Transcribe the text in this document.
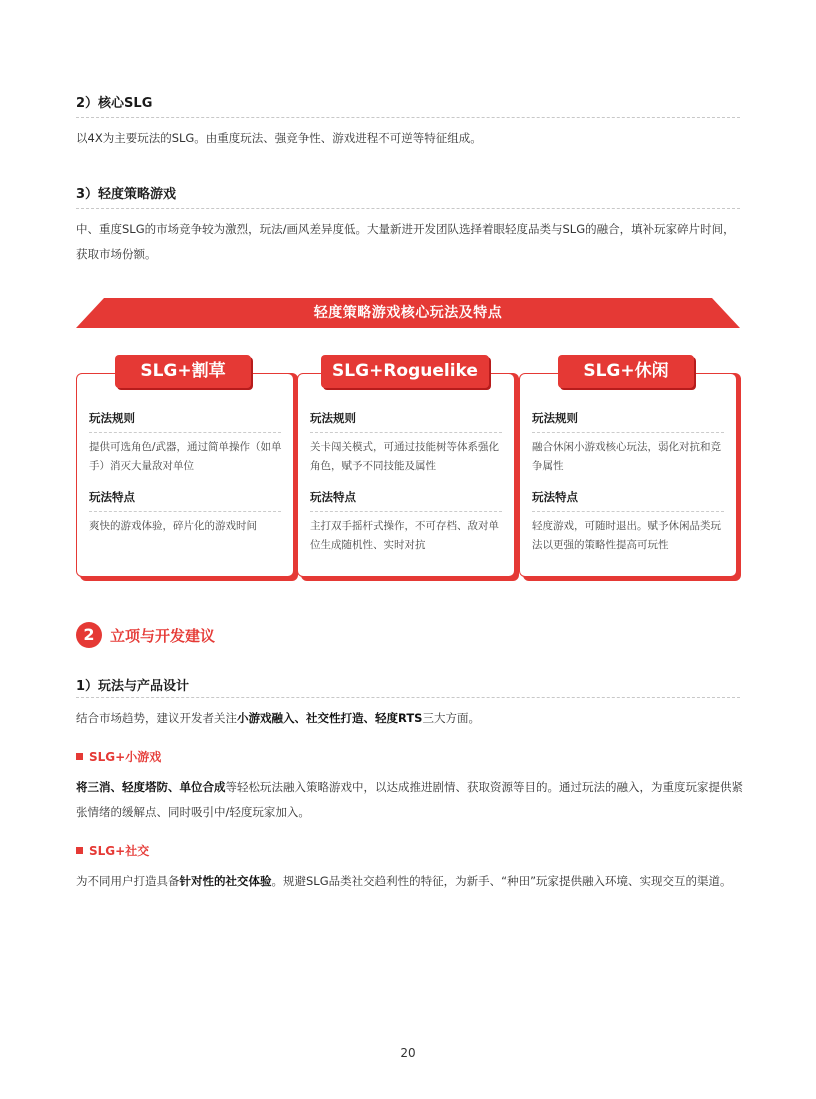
2）核心SLG
以4X为主要玩法的SLG。由重度玩法、强竞争性、游戏进程不可逆等特征组成。
3）轻度策略游戏
中、重度SLG的市场竞争较为激烈，玩法/画风差异度低。大量新进开发团队选择着眼轻度品类与SLG的融合，填补玩家碎片时间，获取市场份额。
轻度策略游戏核心玩法及特点
玩法规则
提供可选角色/武器，通过简单操作（如单手）消灭大量敌对单位
玩法特点
爽快的游戏体验，碎片化的游戏时间
SLG+割草
玩法规则
关卡闯关模式，可通过技能树等体系强化角色，赋予不同技能及属性
玩法特点
主打双手摇杆式操作，不可存档、敌对单位生成随机性、实时对抗
SLG+Roguelike
玩法规则
融合休闲小游戏核心玩法，弱化对抗和竞争属性
玩法特点
轻度游戏，可随时退出。赋予休闲品类玩法以更强的策略性提高可玩性
SLG+休闲
2	立项与开发建议
1）玩法与产品设计
结合市场趋势，建议开发者关注小游戏融入、社交性打造、轻度RTS三大方面。
SLG+小游戏
将三消、轻度塔防、单位合成等轻松玩法融入策略游戏中，以达成推进剧情、获取资源等目的。通过玩法的融入，为重度玩家提供紧张情绪的缓解点、同时吸引中/轻度玩家加入。
SLG+社交
为不同用户打造具备针对性的社交体验。规避SLG品类社交趋利性的特征，为新手、“种田”玩家提供融入环境、实现交互的渠道。
20
